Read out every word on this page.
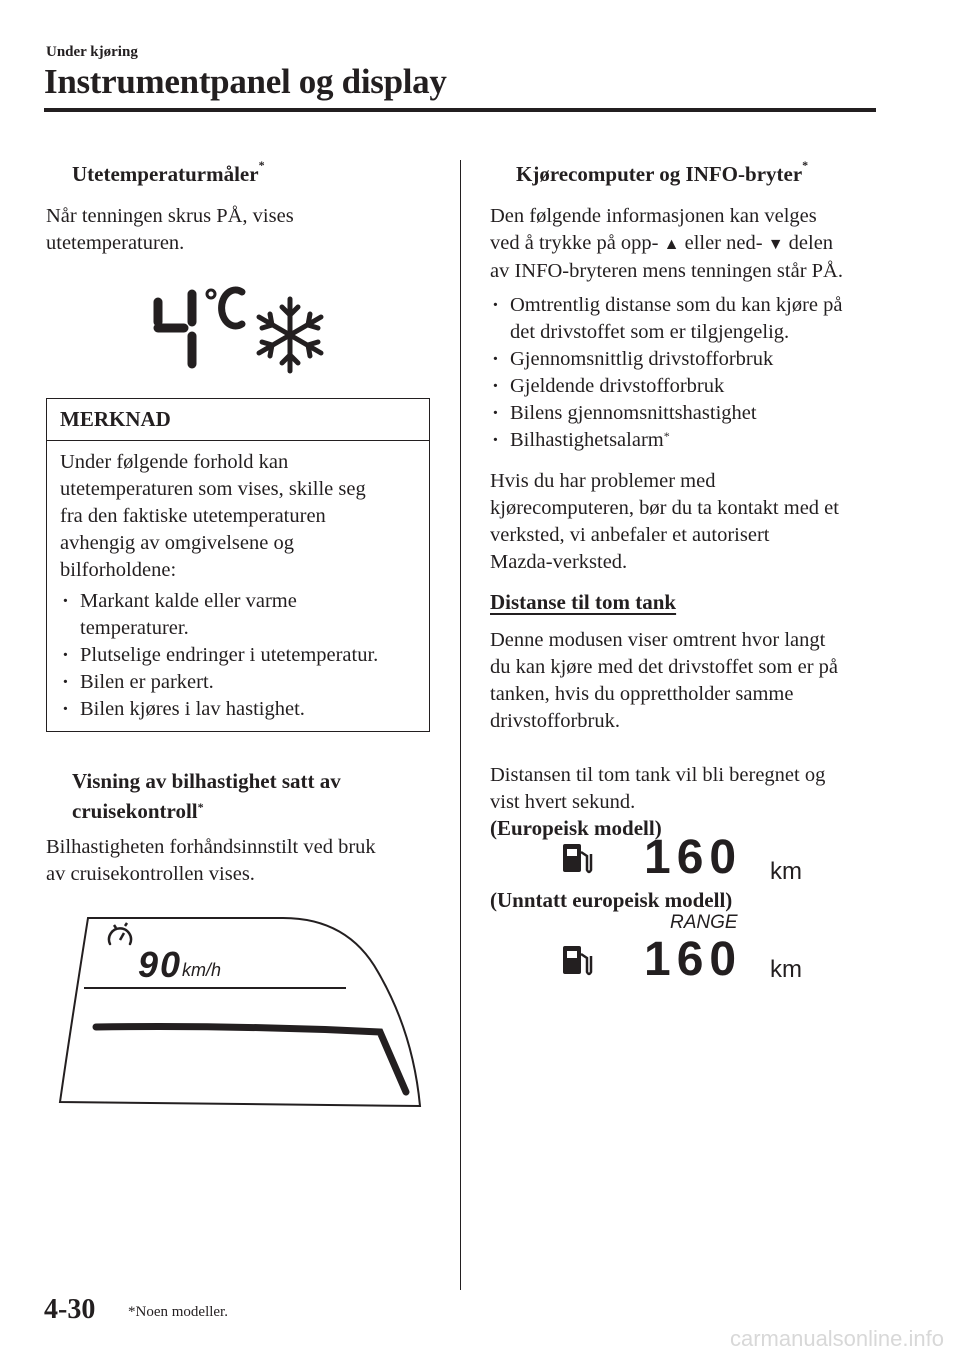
Under kjøring
Instrumentpanel og display
Utetemperaturmåler*
Når tenningen skrus PÅ, vises
utetemperaturen.
MERKNAD
Under følgende forhold kan
utetemperaturen som vises, skille seg
fra den faktiske utetemperaturen
avhengig av omgivelsene og
bilforholdene:
· Markant kalde eller varme
temperaturer.
· Plutselige endringer i utetemperatur.
· Bilen er parkert.
· Bilen kjøres i lav hastighet.
Visning av bilhastighet satt av
cruisekontroll*
Bilhastigheten forhåndsinnstilt ved bruk
av cruisekontrollen vises.
90 km/h
Kjørecomputer og INFO-bryter*
Den følgende informasjonen kan velges
ved å trykke på opp- ▲ eller ned- ▼ delen
av INFO-bryteren mens tenningen står PÅ.
· Omtrentlig distanse som du kan kjøre på
det drivstoffet som er tilgjengelig.
· Gjennomsnittlig drivstofforbruk
· Gjeldende drivstofforbruk
· Bilens gjennomsnittshastighet
· Bilhastighetsalarm*
Hvis du har problemer med
kjørecomputeren, bør du ta kontakt med et
verksted, vi anbefaler et autorisert
Mazda-verksted.
Distanse til tom tank
Denne modusen viser omtrent hvor langt
du kan kjøre med det drivstoffet som er på
tanken, hvis du opprettholder samme
drivstofforbruk.
Distansen til tom tank vil bli beregnet og
vist hvert sekund.
(Europeisk modell)
160 km
(Unntatt europeisk modell)
RANGE
160 km
4-30 *Noen modeller.
carmanualsonline.info
